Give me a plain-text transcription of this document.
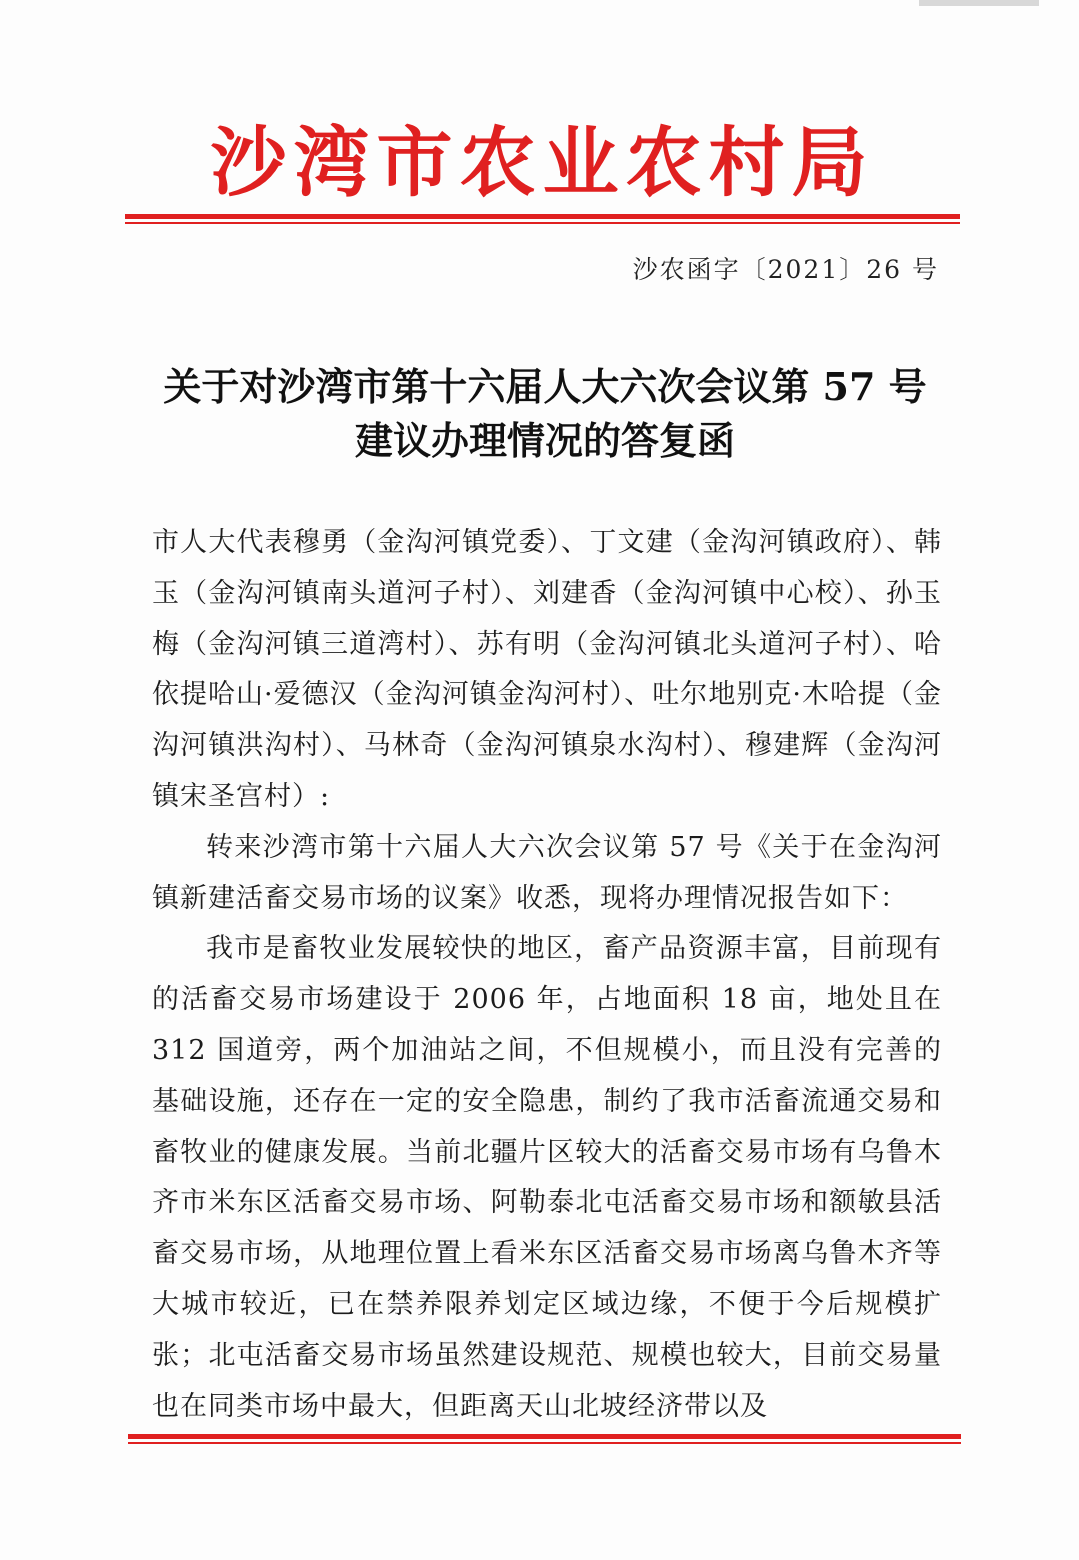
沙湾市农业农村局
沙农函字〔2021〕26 号
关于对沙湾市第十六届人大六次会议第 57 号
建议办理情况的答复函

市人大代表穆勇（金沟河镇党委）、丁文建（金沟河镇政府）、韩玉（金沟河镇南头道河子村）、刘建香（金沟河镇中心校）、孙玉梅（金沟河镇三道湾村）、苏有明（金沟河镇北头道河子村）、哈依提哈山·爱德汉（金沟河镇金沟河村）、吐尔地别克·木哈提（金沟河镇洪沟村）、马林奇（金沟河镇泉水沟村）、穆建辉（金沟河镇宋圣宫村）:

转来沙湾市第十六届人大六次会议第 57 号《关于在金沟河镇新建活畜交易市场的议案》收悉，现将办理情况报告如下：

我市是畜牧业发展较快的地区，畜产品资源丰富，目前现有的活畜交易市场建设于 2006 年，占地面积 18 亩，地处且在 312 国道旁，两个加油站之间，不但规模小，而且没有完善的基础设施，还存在一定的安全隐患，制约了我市活畜流通交易和畜牧业的健康发展。当前北疆片区较大的活畜交易市场有乌鲁木齐市米东区活畜交易市场、阿勒泰北屯活畜交易市场和额敏县活畜交易市场，从地理位置上看米东区活畜交易市场离乌鲁木齐等大城市较近，已在禁养限养划定区域边缘，不便于今后规模扩张；北屯活畜交易市场虽然建设规范、规模也较大，目前交易量也在同类市场中最大，但距离天山北坡经济带以及
